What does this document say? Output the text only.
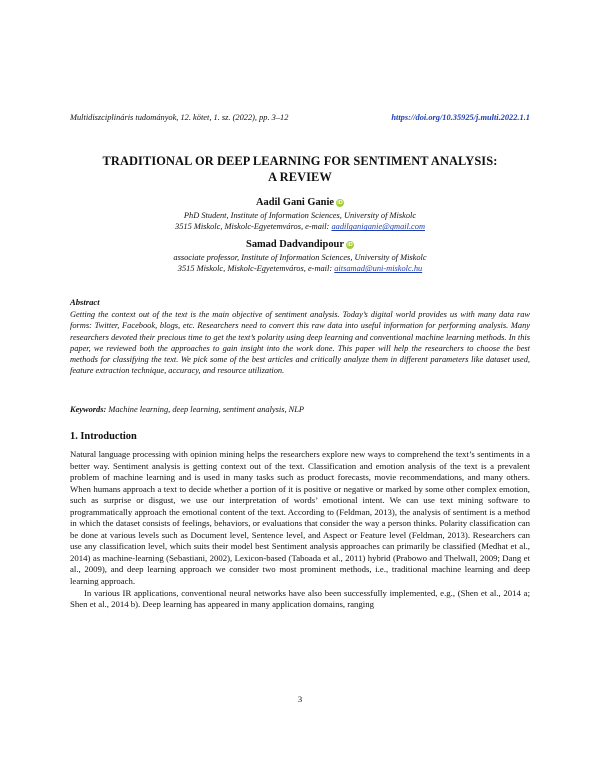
Multidiszciplináris tudományok, 12. kötet, 1. sz. (2022), pp. 3–12	https://doi.org/10.35925/j.multi.2022.1.1
TRADITIONAL OR DEEP LEARNING FOR SENTIMENT ANALYSIS:
A REVIEW
Aadil Gani Ganie iD
PhD Student, Institute of Information Sciences, University of Miskolc
3515 Miskolc, Miskolc-Egyetemváros, e-mail: aadilganiganie@gmail.com
Samad Dadvandipour iD
associate professor, Institute of Information Sciences, University of Miskolc
3515 Miskolc, Miskolc-Egyetemváros, e-mail: aitsamad@uni-miskolc.hu
Abstract
Getting the context out of the text is the main objective of sentiment analysis. Today’s digital world provides us with many data raw forms: Twitter, Facebook, blogs, etc. Researchers need to convert this raw data into useful information for performing analysis. Many researchers devoted their precious time to get the text’s polarity using deep learning and conventional machine learning methods. In this paper, we reviewed both the approaches to gain insight into the work done. This paper will help the researchers to choose the best methods for classifying the text. We pick some of the best articles and critically analyze them in different parameters like dataset used, feature extraction technique, accuracy, and resource utilization.
Keywords: Machine learning, deep learning, sentiment analysis, NLP
1. Introduction

Natural language processing with opinion mining helps the researchers explore new ways to comprehend the text’s sentiments in a better way. Sentiment analysis is getting context out of the text. Classification and emotion analysis of the text is a prevalent problem of machine learning and is used in many tasks such as product forecasts, movie recommendations, and many others. When humans approach a text to decide whether a portion of it is positive or negative or marked by some other complex emotion, such as surprise or disgust, we use our interpretation of words’ emotional intent. We can use text mining software to programmatically approach the emotional content of the text. According to (Feldman, 2013), the analysis of sentiment is a method in which the dataset consists of feelings, behaviors, or evaluations that consider the way a person thinks. Polarity classification can be done at various levels such as Document level, Sentence level, and Aspect or Feature level (Feldman, 2013). Researchers can use any classification level, which suits their model best Sentiment analysis approaches can primarily be classified (Medhat et al., 2014) as machine-learning (Sebastiani, 2002), Lexicon-based (Taboada et al., 2011) hybrid (Prabowo and Thelwall, 2009; Dang et al., 2009), and deep learning approach we consider two most prominent methods, i.e., traditional machine learning and deep learning approach.

In various IR applications, conventional neural networks have also been successfully implemented, e.g., (Shen et al., 2014 a; Shen et al., 2014 b). Deep learning has appeared in many application domains, ranging

3
